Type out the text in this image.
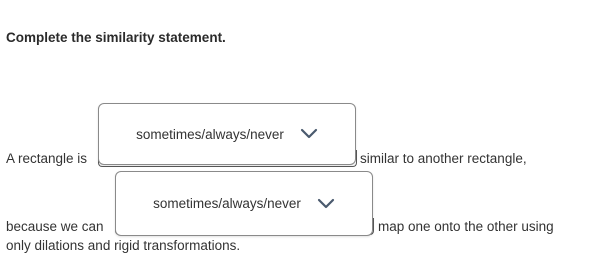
Complete the similarity statement.
A rectangle is	similar to another rectangle,
sometimes/always/never
because we can	map one onto the other using
sometimes/always/never
only dilations and rigid transformations.
